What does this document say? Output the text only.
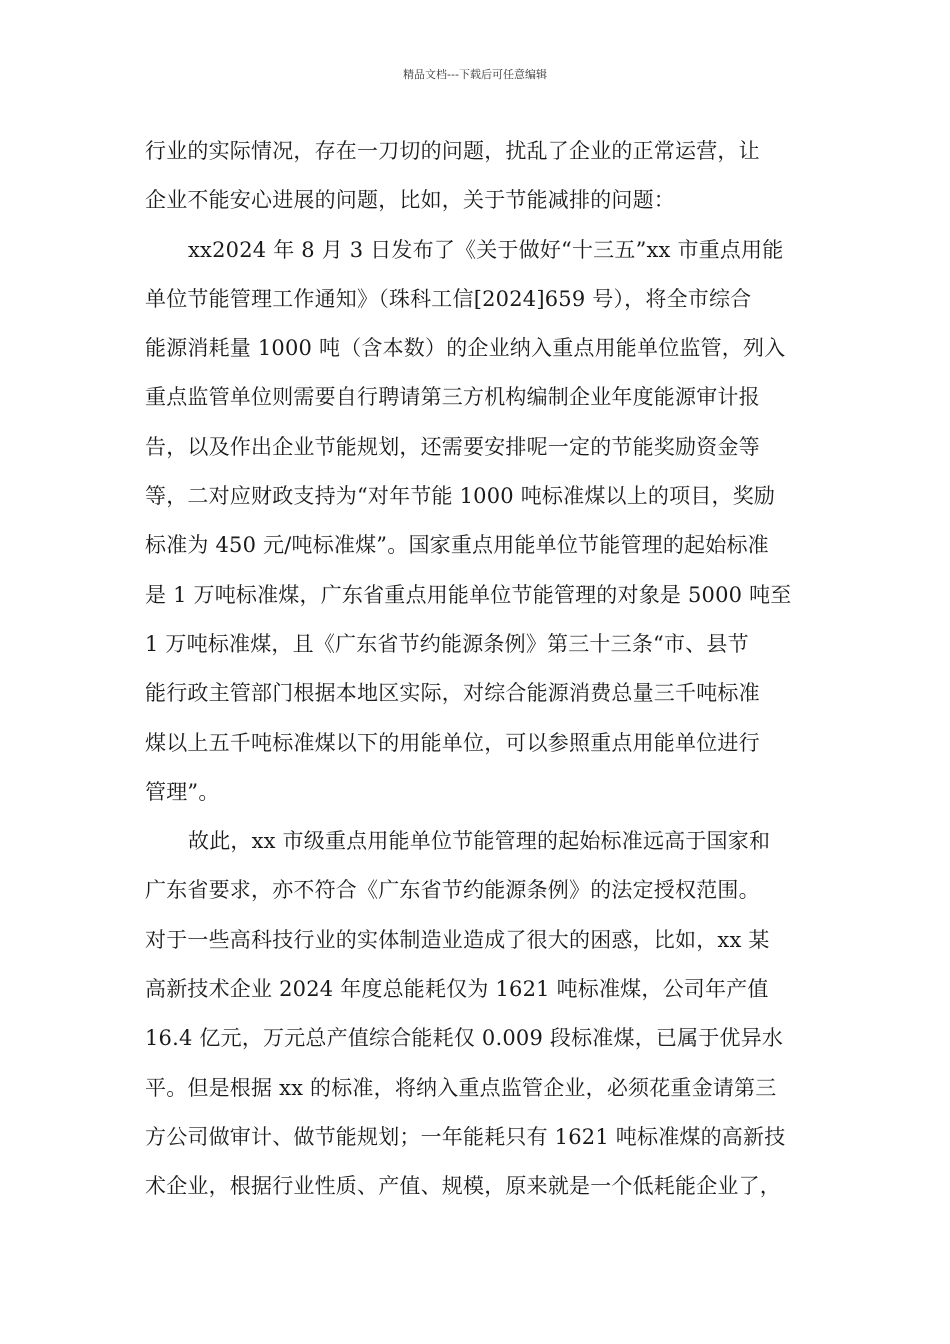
精品文档---下载后可任意编辑
行业的实际情况，存在一刀切的问题，扰乱了企业的正常运营，让
企业不能安心进展的问题，比如，关于节能减排的问题：
xx2024 年 8 月 3 日发布了《关于做好“十三五”xx 市重点用能
单位节能管理工作通知》（珠科工信[2024]659 号），将全市综合
能源消耗量 1000 吨（含本数）的企业纳入重点用能单位监管，列入
重点监管单位则需要自行聘请第三方机构编制企业年度能源审计报
告，以及作出企业节能规划，还需要安排呢一定的节能奖励资金等
等，二对应财政支持为“对年节能 1000 吨标准煤以上的项目，奖励
标准为 450 元/吨标准煤”。国家重点用能单位节能管理的起始标准
是 1 万吨标准煤，广东省重点用能单位节能管理的对象是 5000 吨至
1 万吨标准煤，且《广东省节约能源条例》第三十三条“市、县节
能行政主管部门根据本地区实际，对综合能源消费总量三千吨标准
煤以上五千吨标准煤以下的用能单位，可以参照重点用能单位进行
管理”。
故此，xx 市级重点用能单位节能管理的起始标准远高于国家和
广东省要求，亦不符合《广东省节约能源条例》的法定授权范围。
对于一些高科技行业的实体制造业造成了很大的困惑，比如，xx 某
高新技术企业 2024 年度总能耗仅为 1621 吨标准煤，公司年产值
16.4 亿元，万元总产值综合能耗仅 0.009 段标准煤，已属于优异水
平。但是根据 xx 的标准，将纳入重点监管企业，必须花重金请第三
方公司做审计、做节能规划；一年能耗只有 1621 吨标准煤的高新技
术企业，根据行业性质、产值、规模，原来就是一个低耗能企业了，
